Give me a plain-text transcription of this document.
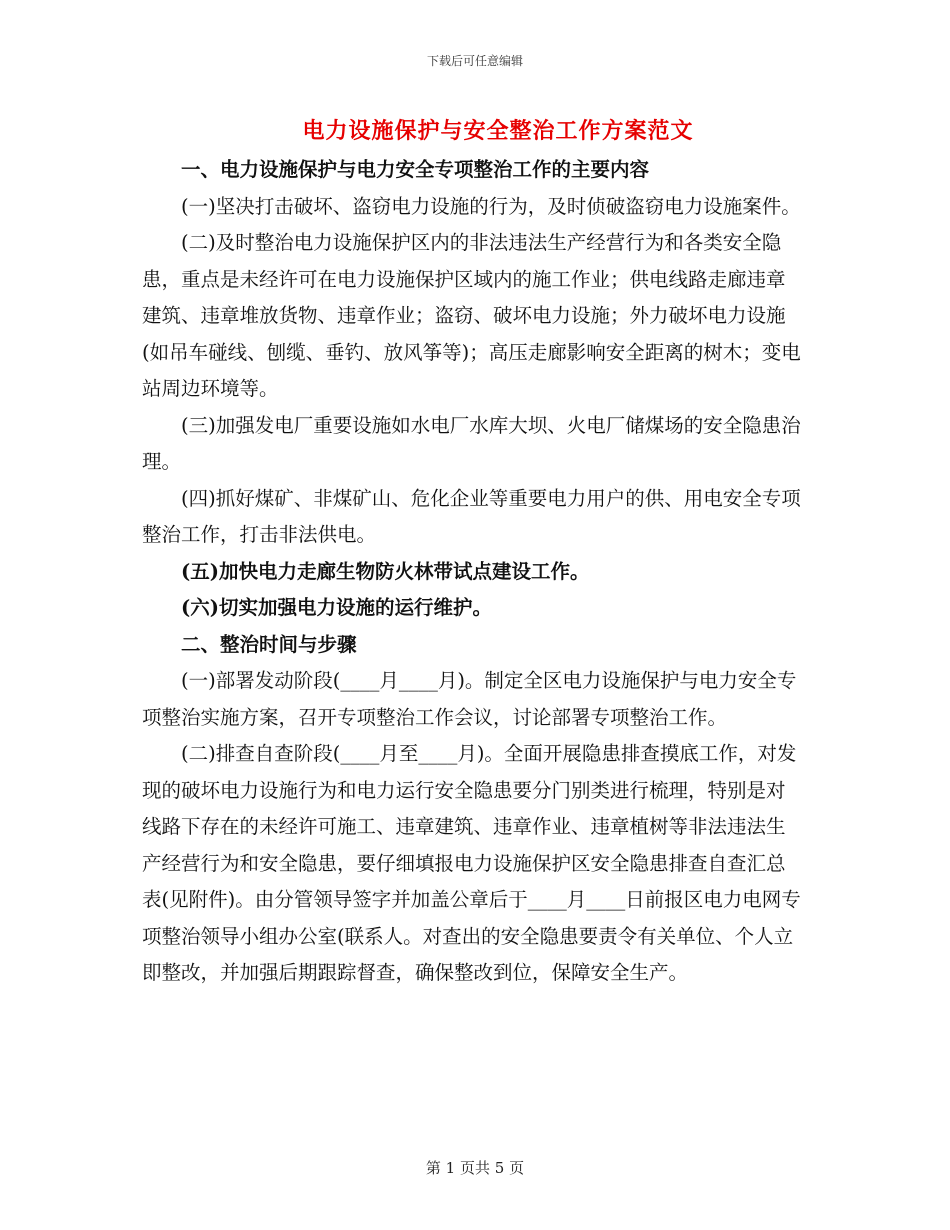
下载后可任意编辑
电力设施保护与安全整治工作方案范文

一、电力设施保护与电力安全专项整治工作的主要内容

(一)坚决打击破坏、盗窃电力设施的行为，及时侦破盗窃电力设施案件。

(二)及时整治电力设施保护区内的非法违法生产经营行为和各类安全隐患，重点是未经许可在电力设施保护区域内的施工作业；供电线路走廊违章建筑、违章堆放货物、违章作业；盗窃、破坏电力设施；外力破坏电力设施(如吊车碰线、刨缆、垂钓、放风筝等)；高压走廊影响安全距离的树木；变电站周边环境等。

(三)加强发电厂重要设施如水电厂水库大坝、火电厂储煤场的安全隐患治理。

(四)抓好煤矿、非煤矿山、危化企业等重要电力用户的供、用电安全专项整治工作，打击非法供电。

(五)加快电力走廊生物防火林带试点建设工作。

(六)切实加强电力设施的运行维护。

二、整治时间与步骤

(一)部署发动阶段(____月____月)。制定全区电力设施保护与电力安全专项整治实施方案，召开专项整治工作会议，讨论部署专项整治工作。

(二)排查自查阶段(____月至____月)。全面开展隐患排查摸底工作，对发现的破坏电力设施行为和电力运行安全隐患要分门别类进行梳理，特别是对线路下存在的未经许可施工、违章建筑、违章作业、违章植树等非法违法生产经营行为和安全隐患，要仔细填报电力设施保护区安全隐患排查自查汇总表(见附件)。由分管领导签字并加盖公章后于____月____日前报区电力电网专项整治领导小组办公室(联系人。对查出的安全隐患要责令有关单位、个人立即整改，并加强后期跟踪督查，确保整改到位，保障安全生产。

第 1 页共 5 页
